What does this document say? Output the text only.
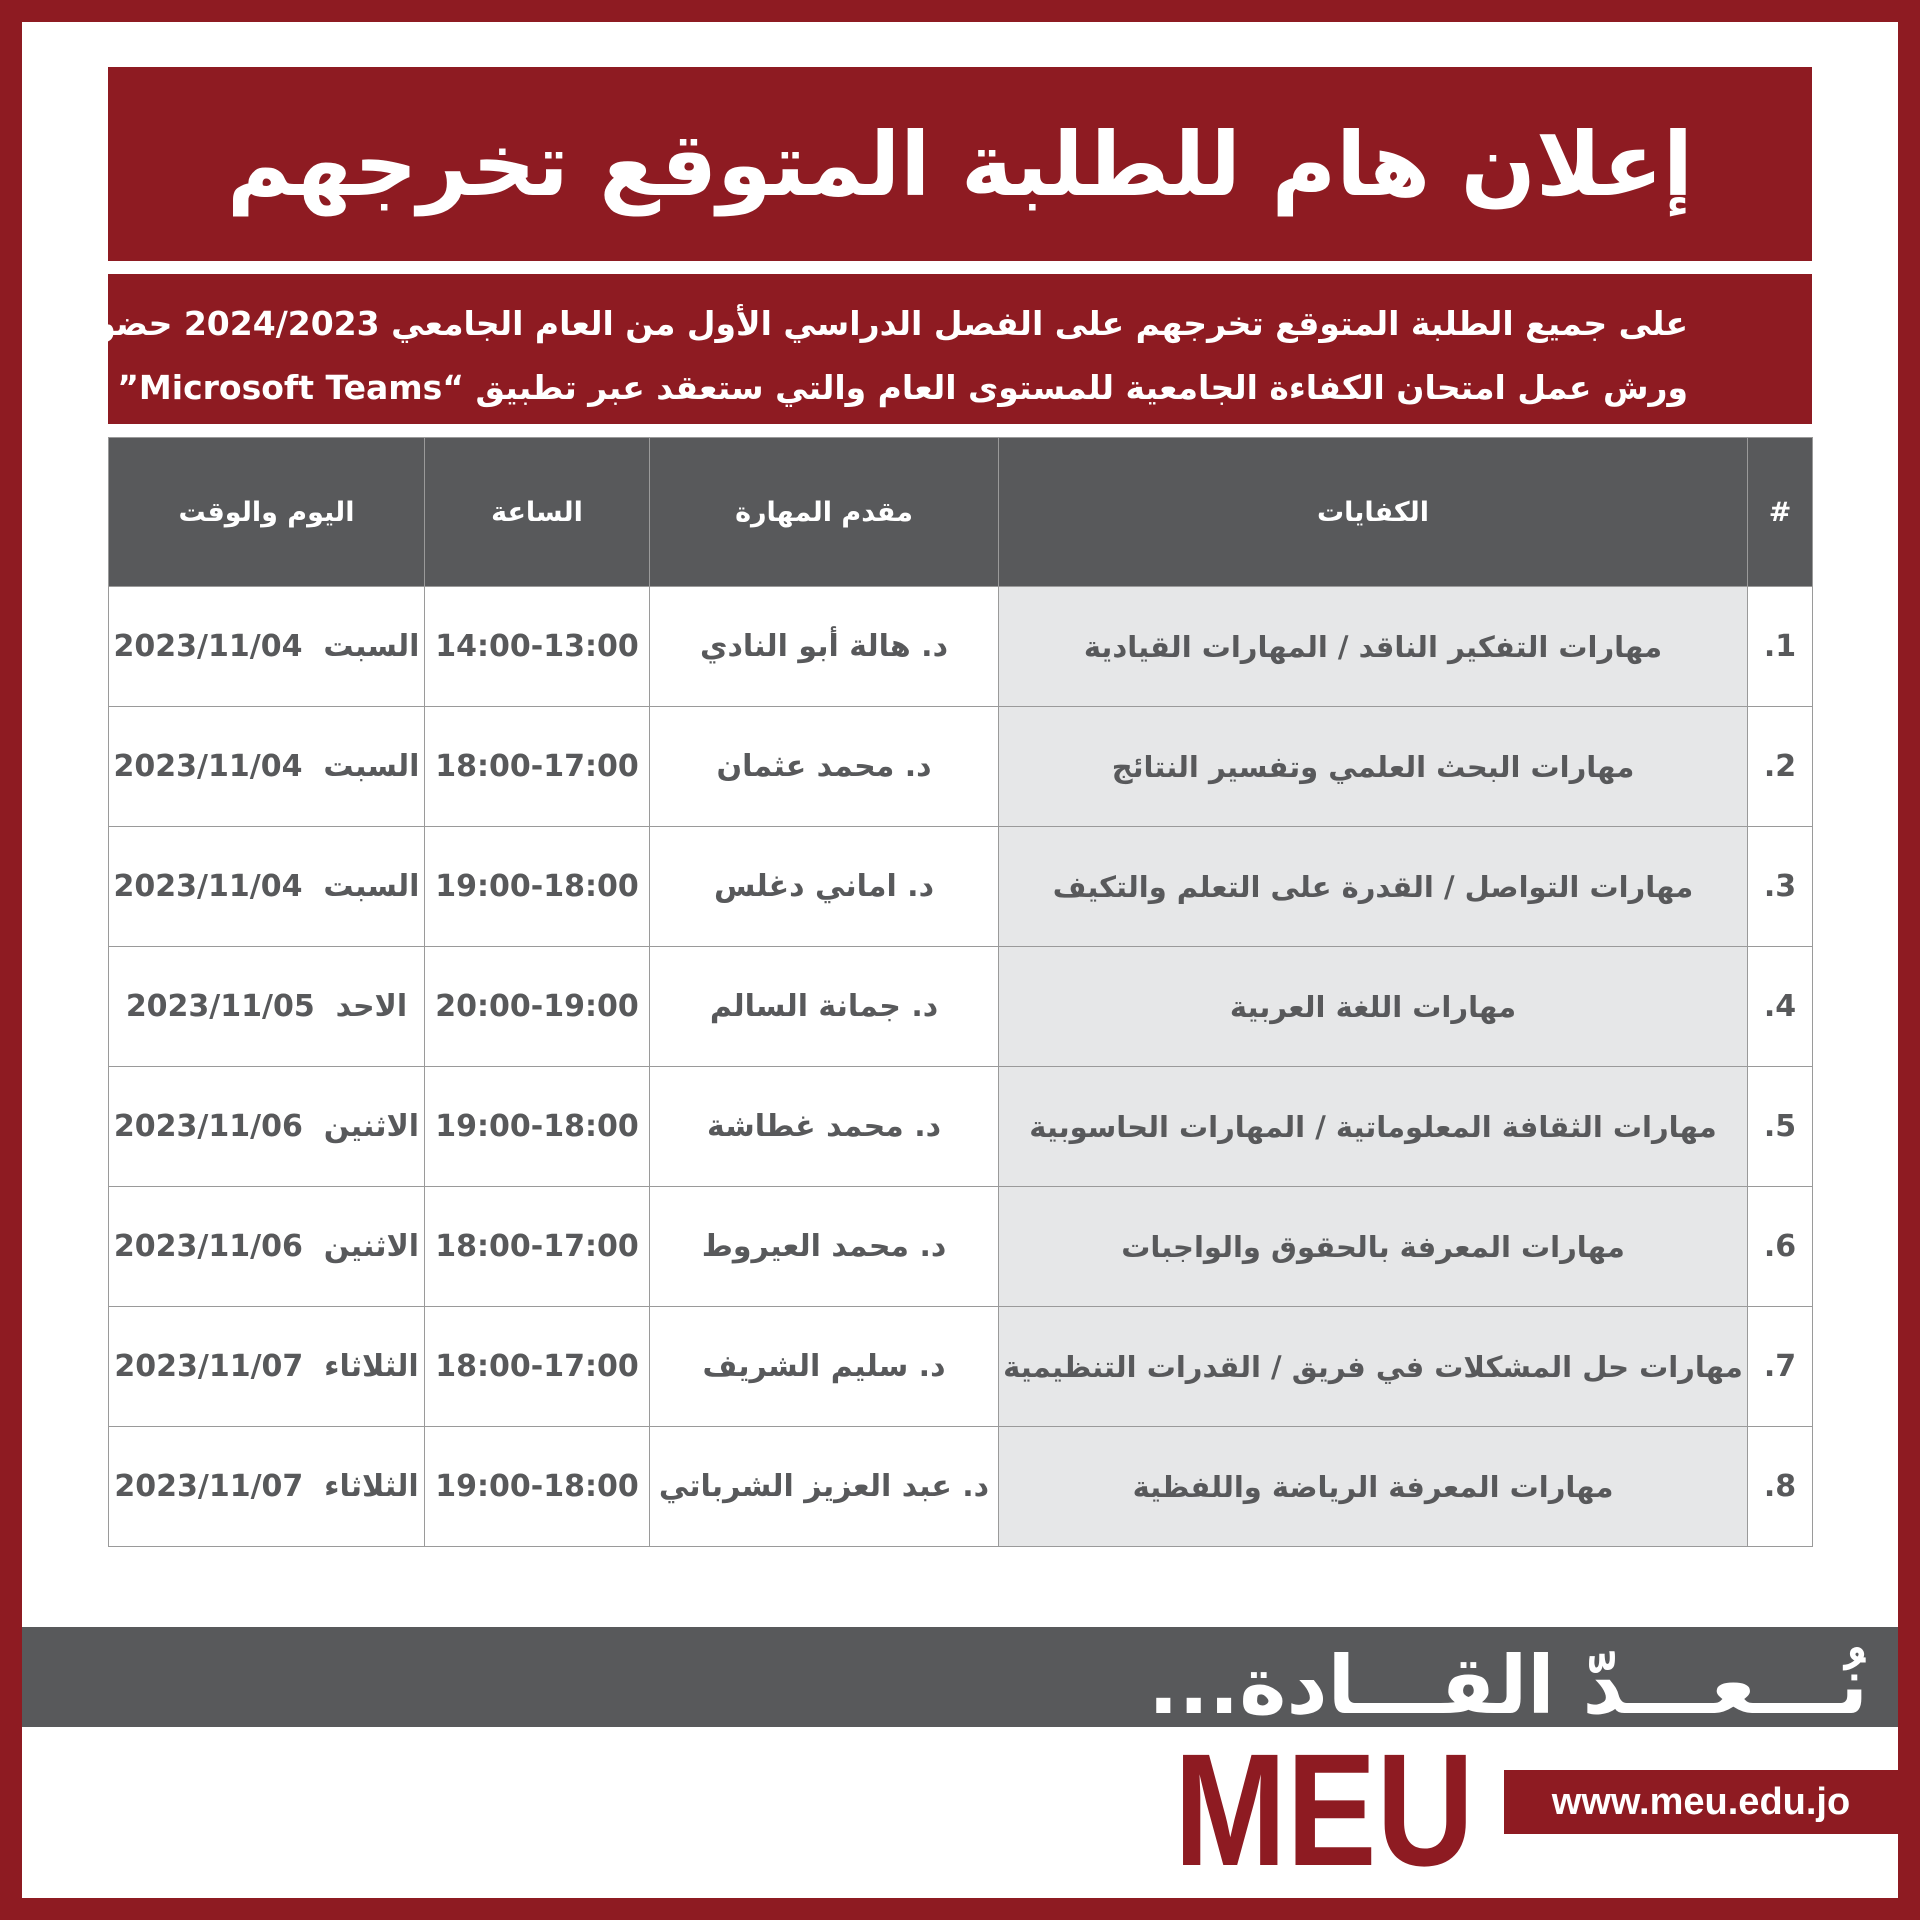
إعلان هام للطلبة المتوقع تخرجهم
على جميع الطلبة المتوقع تخرجهم على الفصل الدراسي الأول من العام الجامعي 2024/2023 حضور
ورش عمل امتحان الكفاءة الجامعية للمستوى العام والتي ستعقد عبر تطبيق “Microsoft Teams”
#	الكفايات	مقدم المهارة	الساعة	اليوم والوقت
1.	مهارات التفكير الناقد / المهارات القيادية	د. هالة أبو النادي	14:00-13:00	السبت  2023/11/04
2.	مهارات البحث العلمي وتفسير النتائج	د. محمد عثمان	18:00-17:00	السبت  2023/11/04
3.	مهارات التواصل / القدرة على التعلم والتكيف	د. اماني دغلس	19:00-18:00	السبت  2023/11/04
4.	مهارات اللغة العربية	د. جمانة السالم	20:00-19:00	الاحد  2023/11/05
5.	مهارات الثقافة المعلوماتية / المهارات الحاسوبية	د. محمد غطاشة	19:00-18:00	الاثنين  2023/11/06
6.	مهارات المعرفة بالحقوق والواجبات	د. محمد العيروط	18:00-17:00	الاثنين  2023/11/06
7.	مهارات حل المشكلات في فريق / القدرات التنظيمية	د. سليم الشريف	18:00-17:00	الثلاثاء  2023/11/07
8.	مهارات المعرفة الرياضة واللفظية	د. عبد العزيز الشرباتي	19:00-18:00	الثلاثاء  2023/11/07
نُـــعـــدّ القـــادة...
MEU www.meu.edu.jo
